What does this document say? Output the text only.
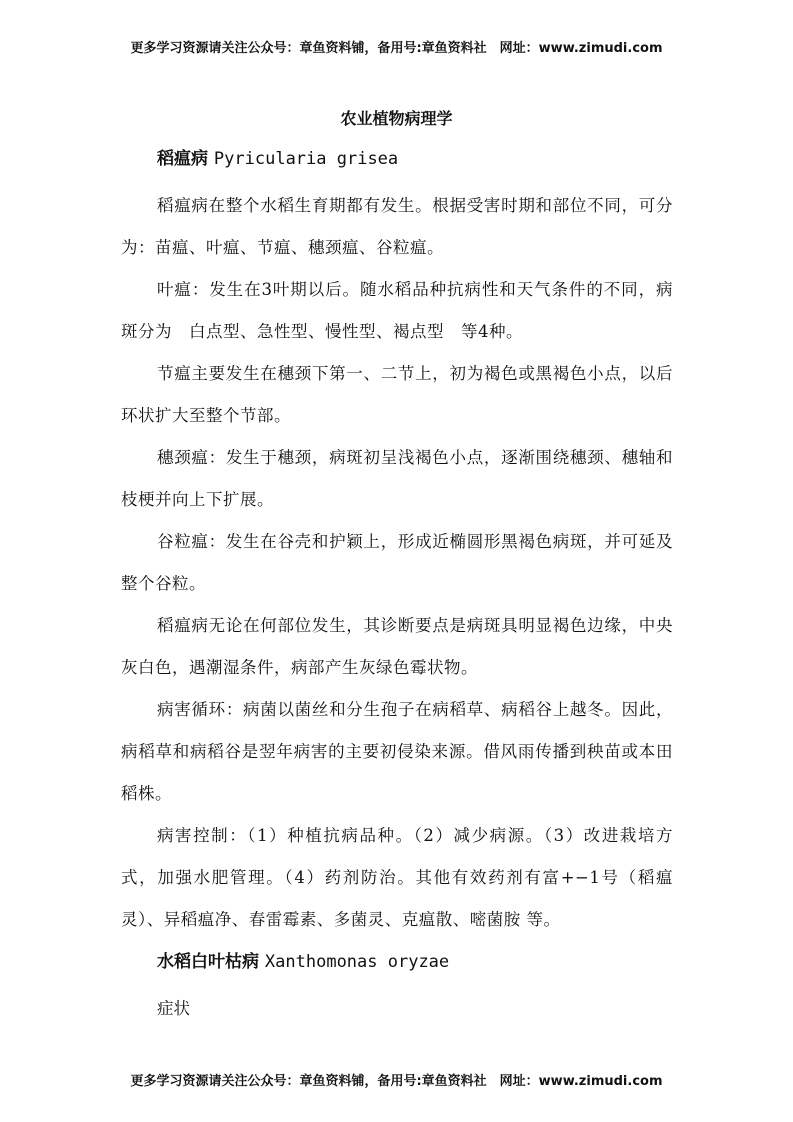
更多学习资源请关注公众号：章鱼资料铺，备用号:章鱼资料社　网址：www.zimudi.com
农业植物病理学
稻瘟病 Pyricularia grisea

稻瘟病在整个水稻生育期都有发生。根据受害时期和部位不同，可分为：苗瘟、叶瘟、节瘟、穗颈瘟、谷粒瘟。

叶瘟：发生在3叶期以后。随水稻品种抗病性和天气条件的不同，病斑分为　白点型、急性型、慢性型、褐点型　等4种。

节瘟主要发生在穗颈下第一、二节上，初为褐色或黑褐色小点，以后环状扩大至整个节部。

穗颈瘟：发生于穗颈，病斑初呈浅褐色小点，逐渐围绕穗颈、穗轴和枝梗并向上下扩展。

谷粒瘟：发生在谷壳和护颖上，形成近椭圆形黑褐色病斑，并可延及整个谷粒。

稻瘟病无论在何部位发生，其诊断要点是病斑具明显褐色边缘，中央灰白色，遇潮湿条件，病部产生灰绿色霉状物。

病害循环：病菌以菌丝和分生孢子在病稻草、病稻谷上越冬。因此，病稻草和病稻谷是翌年病害的主要初侵染来源。借风雨传播到秧苗或本田稻株。

病害控制：（1）种植抗病品种。（2）减少病源。（3）改进栽培方式，加强水肥管理。（4）药剂防治。其他有效药剂有富+−1号（稻瘟灵）、异稻瘟净、春雷霉素、多菌灵、克瘟散、嘧菌胺 等。

水稻白叶枯病 Xanthomonas oryzae
症状
更多学习资源请关注公众号：章鱼资料铺，备用号:章鱼资料社　网址：www.zimudi.com
